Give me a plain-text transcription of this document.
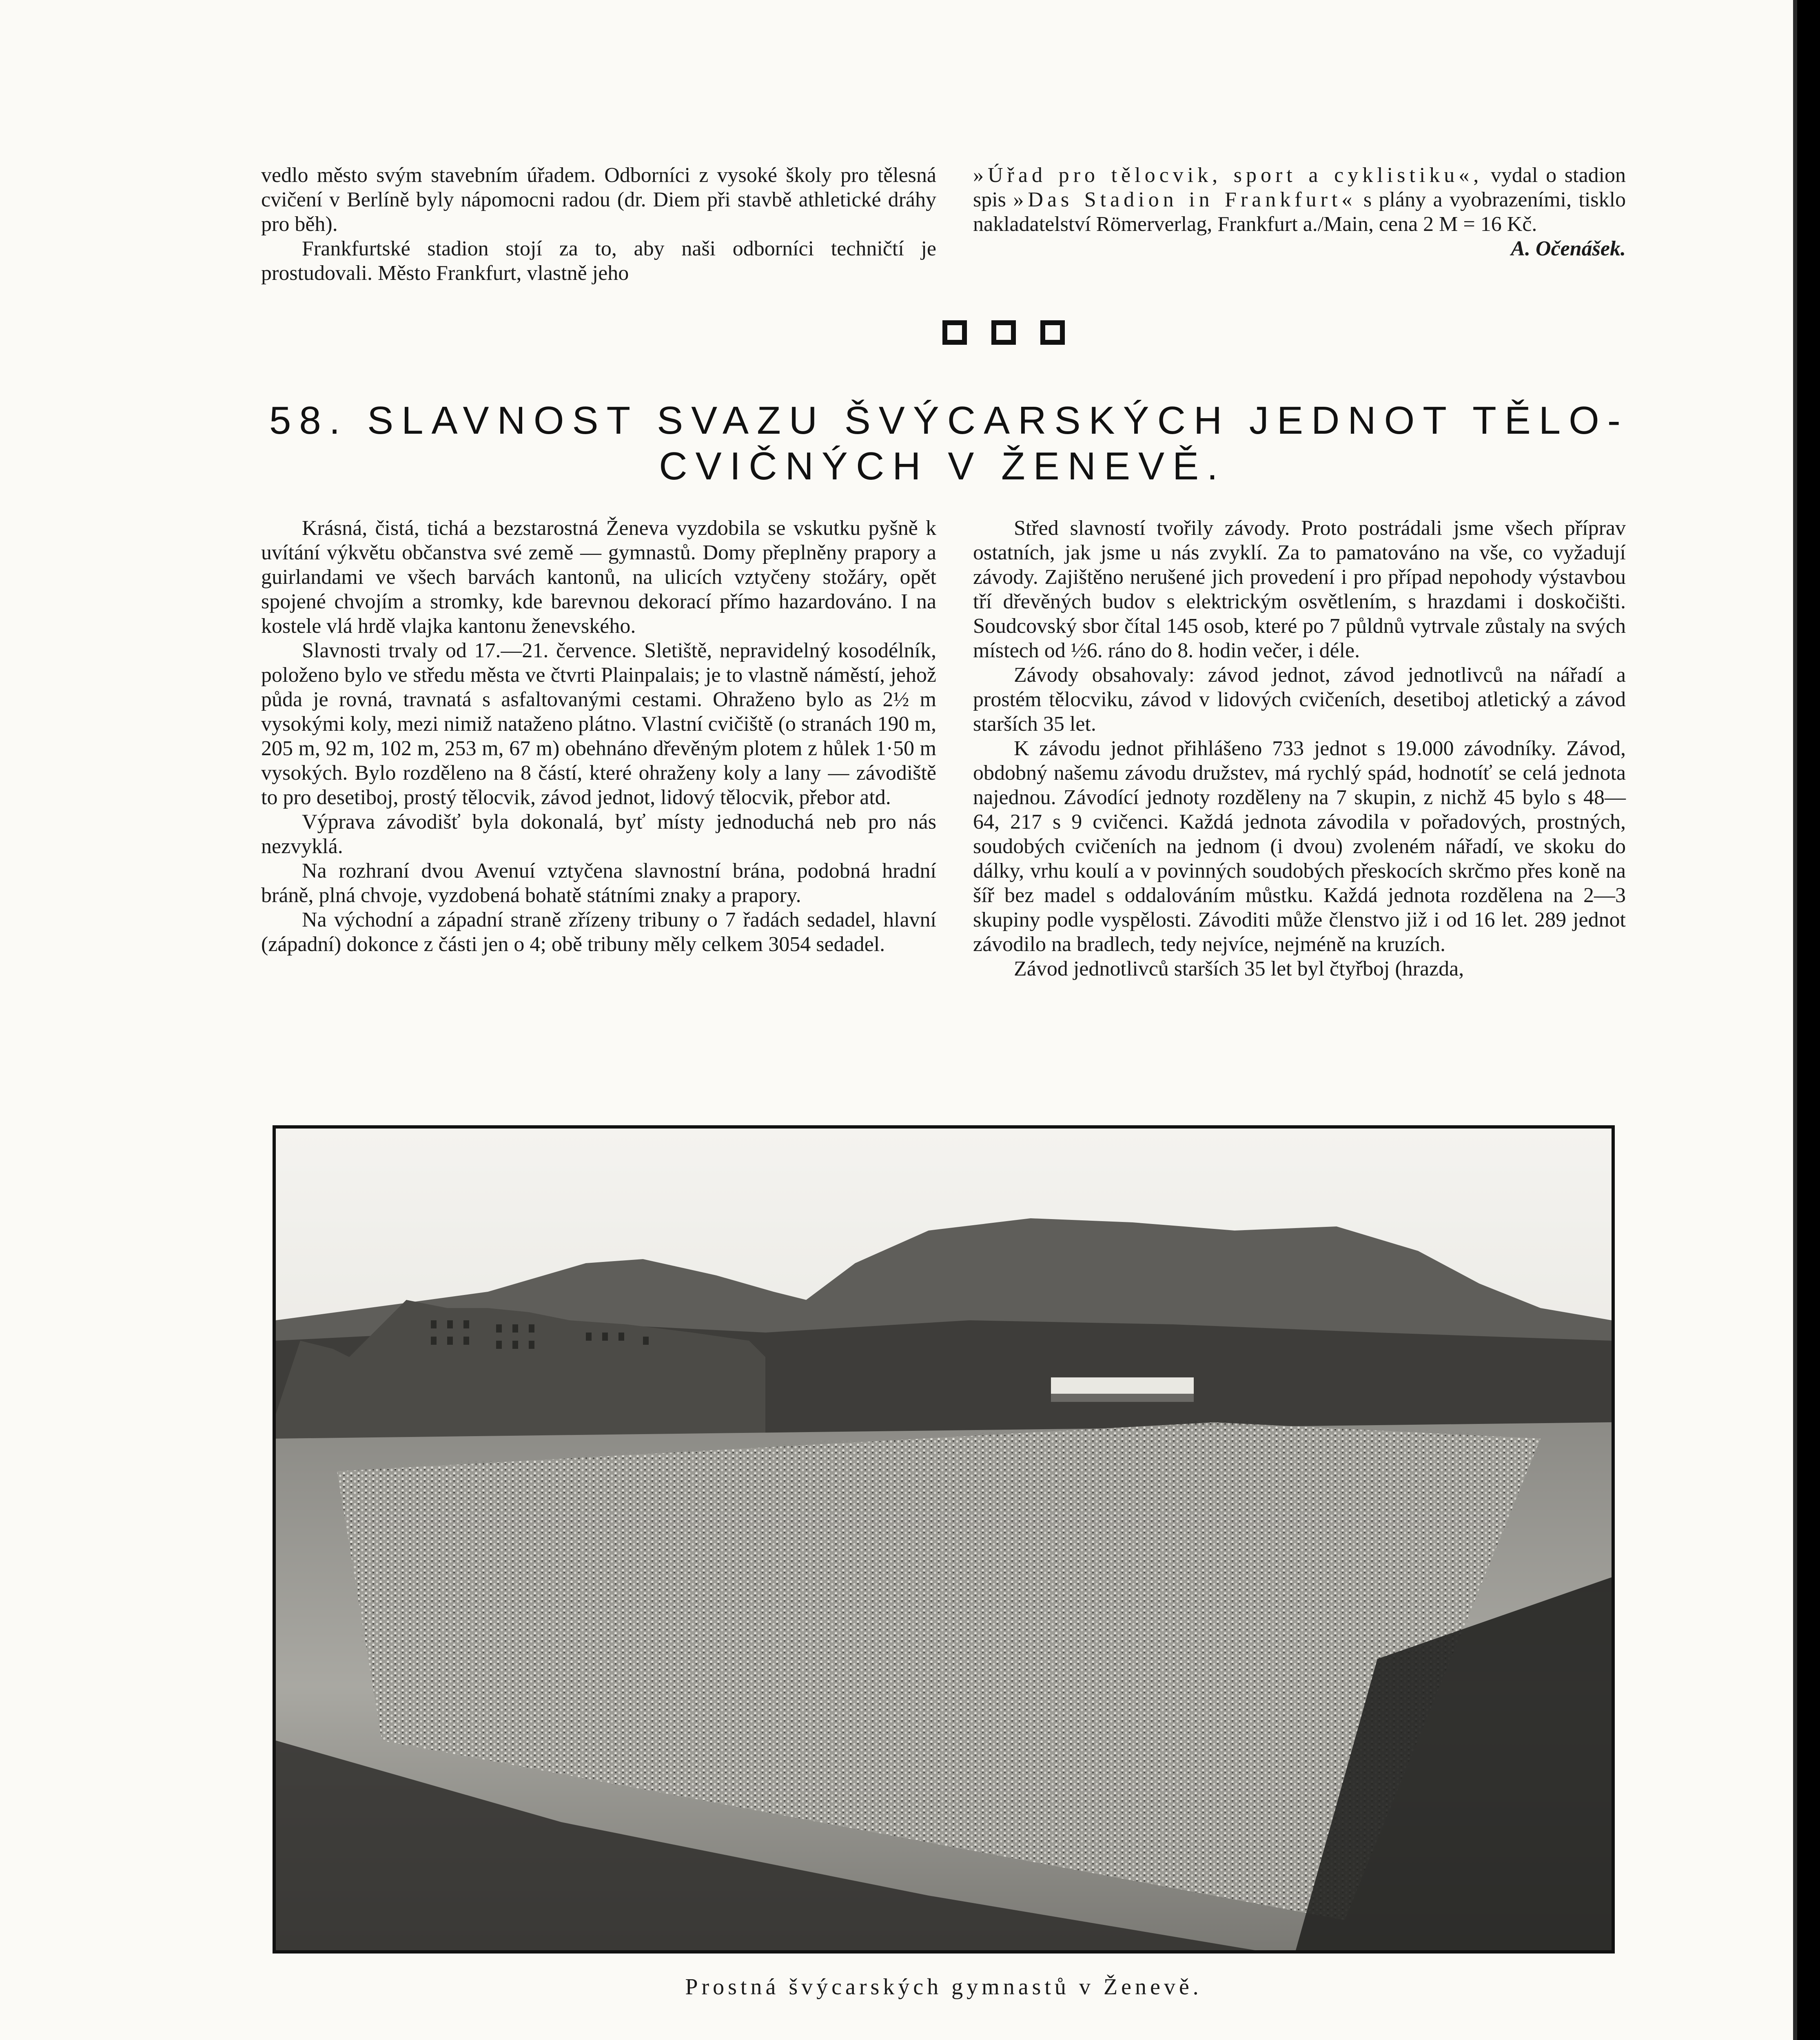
vedlo město svým stavebním úřadem. Odborníci z vysoké školy pro tělesná cvičení v Berlíně byly nápomocni radou (dr. Diem při stavbě athletické dráhy pro běh).

Frankfurtské stadion stojí za to, aby naši odborníci techničtí je prostudovali. Město Frankfurt, vlastně jeho

»Úřad pro tělocvik, sport a cyklistiku«, vydal o stadion spis »Das Stadion in Frankfurt« s plány a vyobrazeními, tisklo nakladatelství Römerverlag, Frankfurt a./Main, cena 2 M = 16 Kč.

A. Očenášek.

58. SLAVNOST SVAZU ŠVÝCARSKÝCH JEDNOT TĚLO-
CVIČNÝCH V ŽENEVĚ.

Krásná, čistá, tichá a bezstarostná Ženeva vyzdobila se vskutku pyšně k uvítání výkvětu občanstva své země — gymnastů. Domy přeplněny prapory a guirlandami ve všech barvách kantonů, na ulicích vztyčeny stožáry, opět spojené chvojím a stromky, kde barevnou dekorací přímo hazardováno. I na kostele vlá hrdě vlajka kantonu ženevského.

Slavnosti trvaly od 17.—21. července. Sletiště, nepravidelný kosodélník, položeno bylo ve středu města ve čtvrti Plainpalais; je to vlastně náměstí, jehož půda je rovná, travnatá s asfaltovanými cestami. Ohraženo bylo as 2½ m vysokými koly, mezi nimiž nataženo plátno. Vlastní cvičiště (o stranách 190 m, 205 m, 92 m, 102 m, 253 m, 67 m) obehnáno dřevěným plotem z hůlek 1·50 m vysokých. Bylo rozděleno na 8 částí, které ohraženy koly a lany — závodiště to pro desetiboj, prostý tělocvik, závod jednot, lidový tělocvik, přebor atd.

Výprava závodišť byla dokonalá, byť místy jednoduchá neb pro nás nezvyklá.

Na rozhraní dvou Avenuí vztyčena slavnostní brána, podobná hradní bráně, plná chvoje, vyzdobená bohatě státními znaky a prapory.

Na východní a západní straně zřízeny tribuny o 7 řadách sedadel, hlavní (západní) dokonce z části jen o 4; obě tribuny měly celkem 3054 sedadel.

Střed slavností tvořily závody. Proto postrádali jsme všech příprav ostatních, jak jsme u nás zvyklí. Za to pamatováno na vše, co vyžadují závody. Zajištěno nerušené jich provedení i pro případ nepohody výstavbou tří dřevěných budov s elektrickým osvětlením, s hrazdami i doskočišti. Soudcovský sbor čítal 145 osob, které po 7 půldnů vytrvale zůstaly na svých místech od ½6. ráno do 8. hodin večer, i déle.

Závody obsahovaly: závod jednot, závod jednotlivců na nářadí a prostém tělocviku, závod v lidových cvičeních, desetiboj atletický a závod starších 35 let.

K závodu jednot přihlášeno 733 jednot s 19.000 závodníky. Závod, obdobný našemu závodu družstev, má rychlý spád, hodnotíť se celá jednota najednou. Závodící jednoty rozděleny na 7 skupin, z nichž 45 bylo s 48—64, 217 s 9 cvičenci. Každá jednota závodila v pořadových, prostných, soudobých cvičeních na jednom (i dvou) zvoleném nářadí, ve skoku do dálky, vrhu koulí a v povinných soudobých přeskocích skrčmo přes koně na šíř bez madel s oddalováním můstku. Každá jednota rozdělena na 2—3 skupiny podle vyspělosti. Závoditi může členstvo již i od 16 let. 289 jednot závodilo na bradlech, tedy nejvíce, nejméně na kruzích.

Závod jednotlivců starších 35 let byl čtyřboj (hrazda,

Prostná švýcarských gymnastů v Ženevě.
